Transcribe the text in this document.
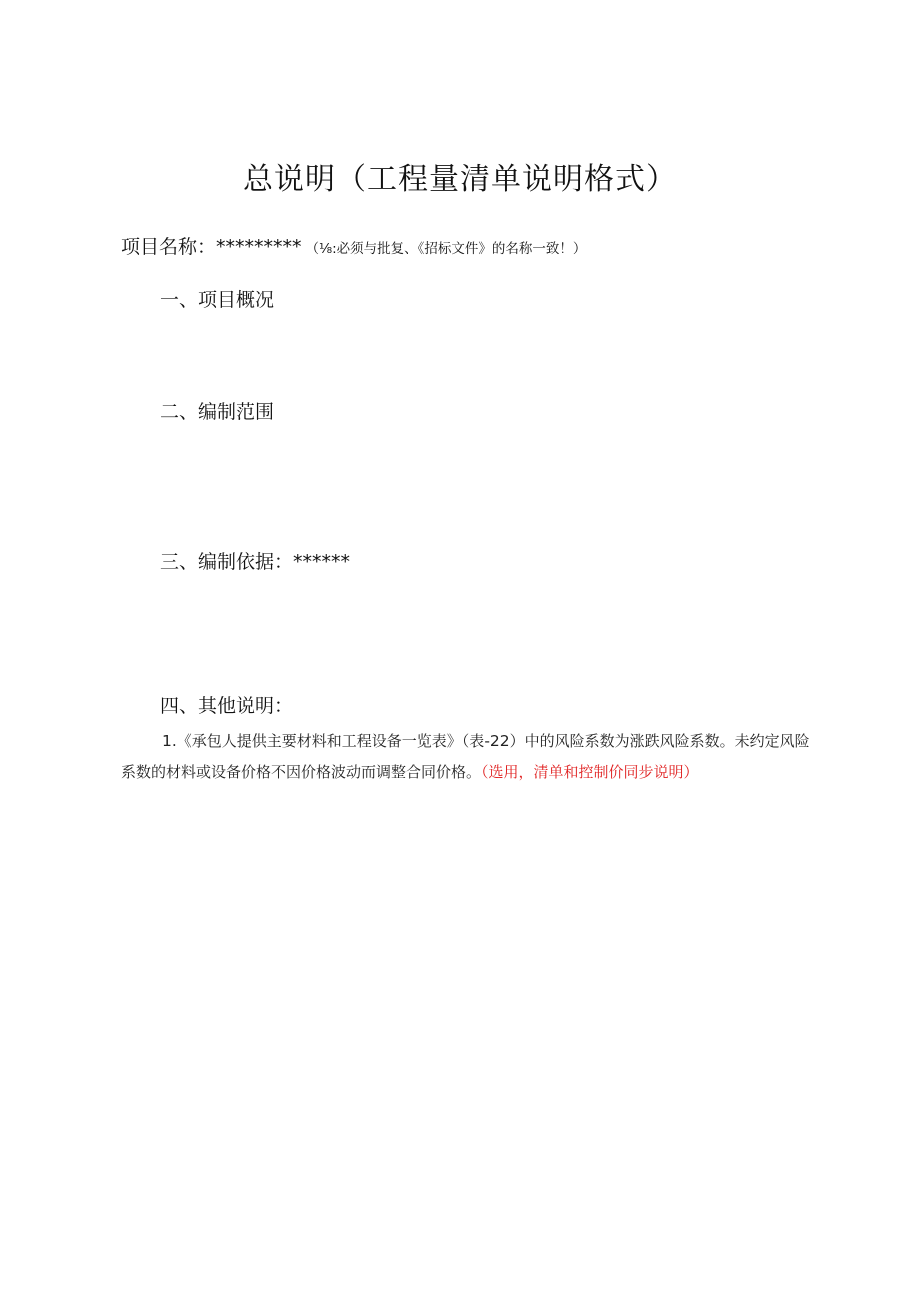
总说明（工程量清单说明格式）
项目名称：********* （⅛:必须与批复、《招标文件》的名称一致！）
一、项目概况
二、编制范围
三、编制依据：******
四、其他说明：
1.《承包人提供主要材料和工程设备一览表》（表-22）中的风险系数为涨跌风险系数。未约定风险系数的材料或设备价格不因价格波动而调整合同价格。（选用，清单和控制价同步说明）
